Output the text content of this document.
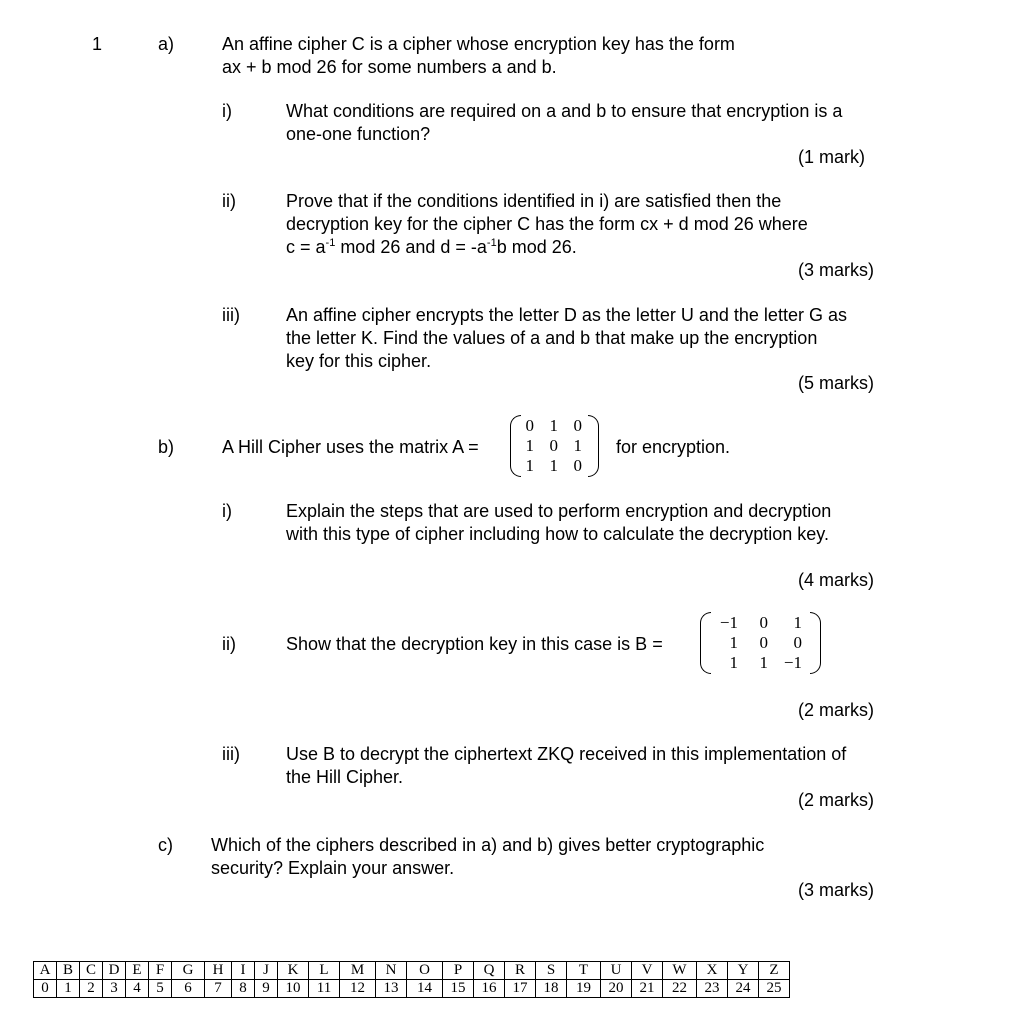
1	a)	An affine cipher C is a cipher whose encryption key has the form
ax + b mod 26 for some numbers a and b.
i)	What conditions are required on a and b to ensure that encryption is a
one-one function?
(1 mark)
ii)	Prove that if the conditions identified in i) are satisfied then the
decryption key for the cipher C has the form cx + d mod 26 where
$c = a^{-1}$ mod 26 and $d = -a^{-1}b$ mod 26.
(3 marks)
iii)	An affine cipher encrypts the letter D as the letter U and the letter G as
the letter K. Find the values of a and b that make up the encryption
key for this cipher.
(5 marks)
b)	A Hill Cipher uses the matrix A =
0 1 0
1 0 1
1 1 0
for encryption.
i)	Explain the steps that are used to perform encryption and decryption
with this type of cipher including how to calculate the decryption key.
(4 marks)
ii)	Show that the decryption key in this case is B =
−1	0	1
1	0	0
1	1 −1
(2 marks)
iii)	Use B to decrypt the ciphertext ZKQ received in this implementation of
the Hill Cipher.
(2 marks)
c) Which of the ciphers described in a) and b) gives better cryptographic
security? Explain your answer.
(3 marks)
A	B	C	D	E	F	G	H	I	J	K	L	M	N	O	P	Q	R	S	T	U	V	W	X	Y	Z
0	1	2	3	4	5	6	7	8	9	10	11	12	13	14	15	16	17	18	19	20	21	22	23	24	25
